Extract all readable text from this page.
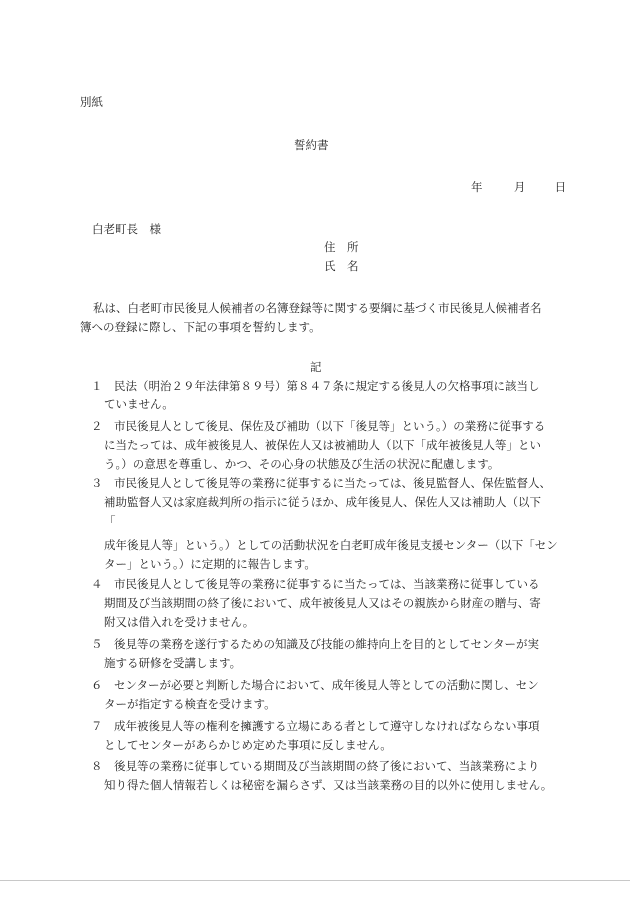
別紙
誓約書
年	月	日
白老町長　様
住　所
氏　名
私は、白老町市民後見人候補者の名簿登録等に関する要綱に基づく市民後見人候補者名
簿への登録に際し、下記の事項を誓約します。
記
１　民法（明治２９年法律第８９号）第８４７条に規定する後見人の欠格事項に該当し
ていません。
２　市民後見人として後見、保佐及び補助（以下「後見等」という。）の業務に従事する
に当たっては、成年被後見人、被保佐人又は被補助人（以下「成年被後見人等」とい
う。）の意思を尊重し、かつ、その心身の状態及び生活の状況に配慮します。
３　市民後見人として後見等の業務に従事するに当たっては、後見監督人、保佐監督人、
補助監督人又は家庭裁判所の指示に従うほか、成年後見人、保佐人又は補助人（以下
「
成年後見人等」という。）としての活動状況を白老町成年後見支援センター（以下「セン
ター」という。）に定期的に報告します。
４　市民後見人として後見等の業務に従事するに当たっては、当該業務に従事している
期間及び当該期間の終了後において、成年被後見人又はその親族から財産の贈与、寄
附又は借入れを受けません。
５　後見等の業務を遂行するための知識及び技能の維持向上を目的としてセンターが実
施する研修を受講します。
６　センターが必要と判断した場合において、成年後見人等としての活動に関し、セン
ターが指定する検査を受けます。
７　成年被後見人等の権利を擁護する立場にある者として遵守しなければならない事項
としてセンターがあらかじめ定めた事項に反しません。
８　後見等の業務に従事している期間及び当該期間の終了後において、当該業務により
知り得た個人情報若しくは秘密を漏らさず、又は当該業務の目的以外に使用しません。
